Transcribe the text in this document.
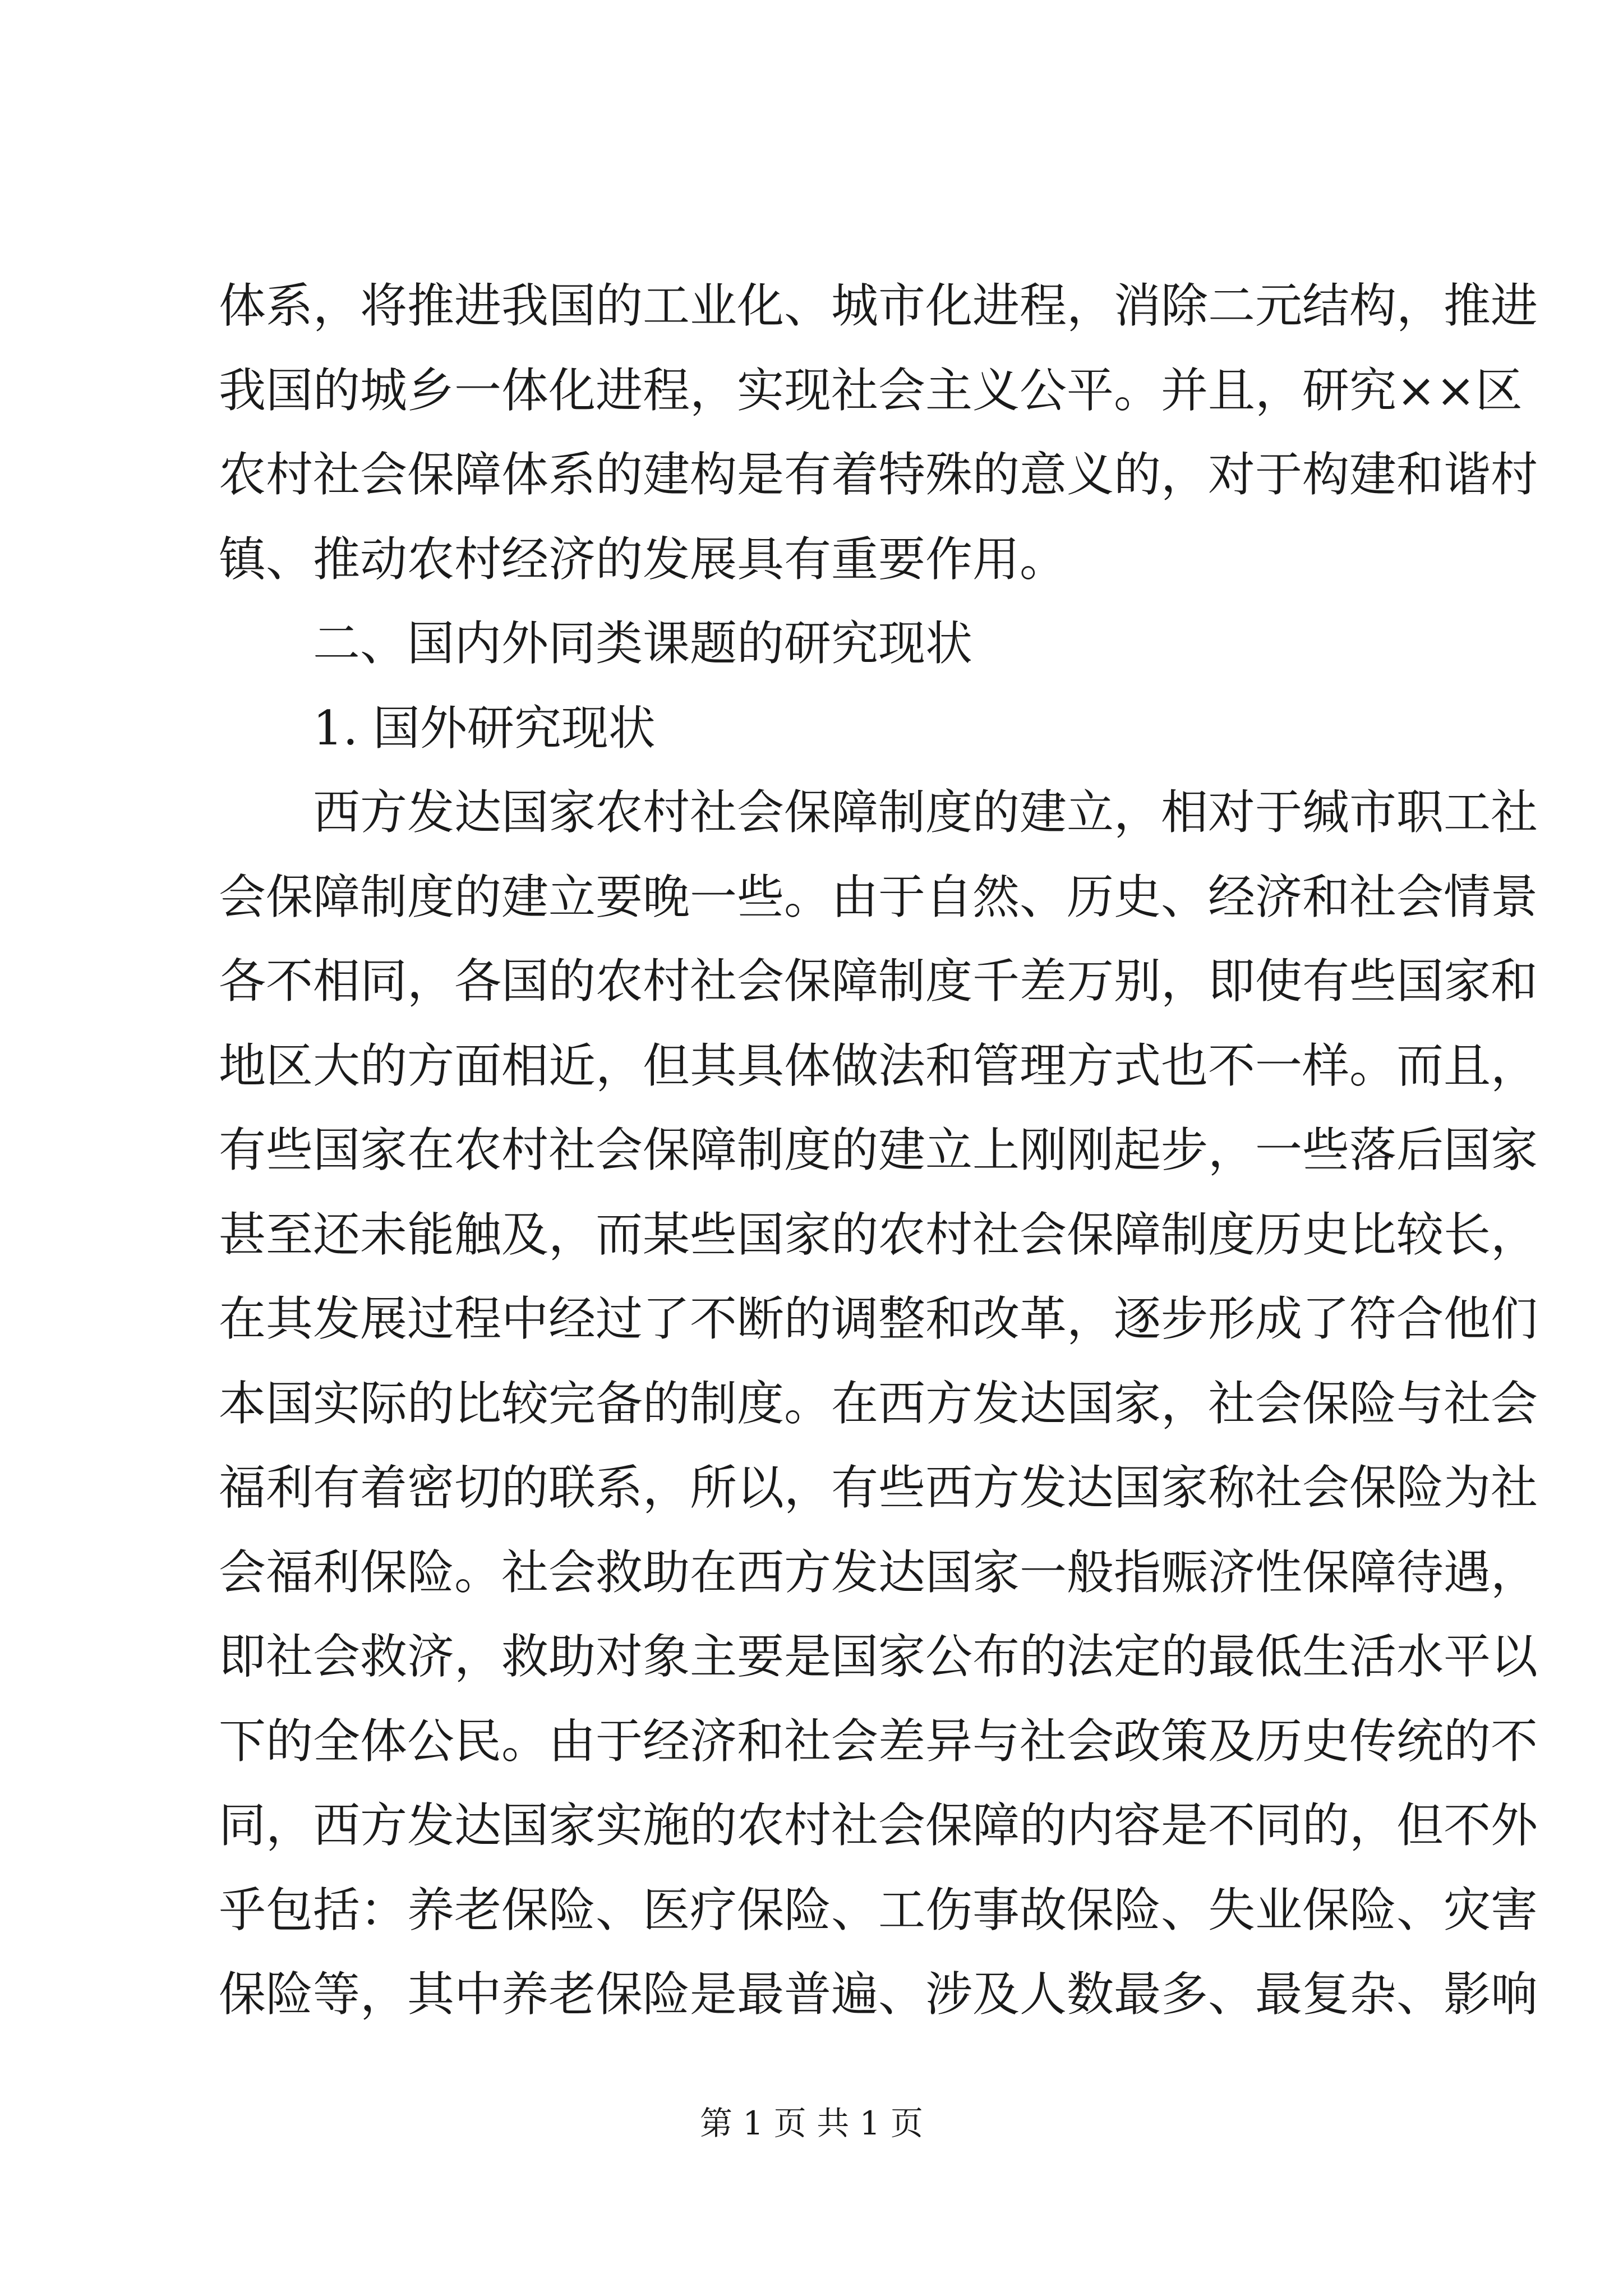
体系，将推进我国的工业化、城市化进程，消除二元结构，推进
我国的城乡一体化进程，实现社会主义公平。并且，研究××区
农村社会保障体系的建构是有着特殊的意义的，对于构建和谐村
镇、推动农村经济的发展具有重要作用。
二、国内外同类课题的研究现状
1. 国外研究现状
西方发达国家农村社会保障制度的建立，相对于缄市职工社
会保障制度的建立要晚一些。由于自然、历史、经济和社会情景
各不相同，各国的农村社会保障制度千差万别，即使有些国家和
地区大的方面相近，但其具体做法和管理方式也不一样。而且，
有些国家在农村社会保障制度的建立上刚刚起步，一些落后国家
甚至还未能触及，而某些国家的农村社会保障制度历史比较长，
在其发展过程中经过了不断的调整和改革，逐步形成了符合他们
本国实际的比较完备的制度。在西方发达国家，社会保险与社会
福利有着密切的联系，所以，有些西方发达国家称社会保险为社
会福利保险。社会救助在西方发达国家一般指赈济性保障待遇，
即社会救济，救助对象主要是国家公布的法定的最低生活水平以
下的全体公民。由于经济和社会差异与社会政策及历史传统的不
同，西方发达国家实施的农村社会保障的内容是不同的，但不外
乎包括：养老保险、医疗保险、工伤事故保险、失业保险、灾害
保险等，其中养老保险是最普遍、涉及人数最多、最复杂、影响
第 1 页 共 1 页
